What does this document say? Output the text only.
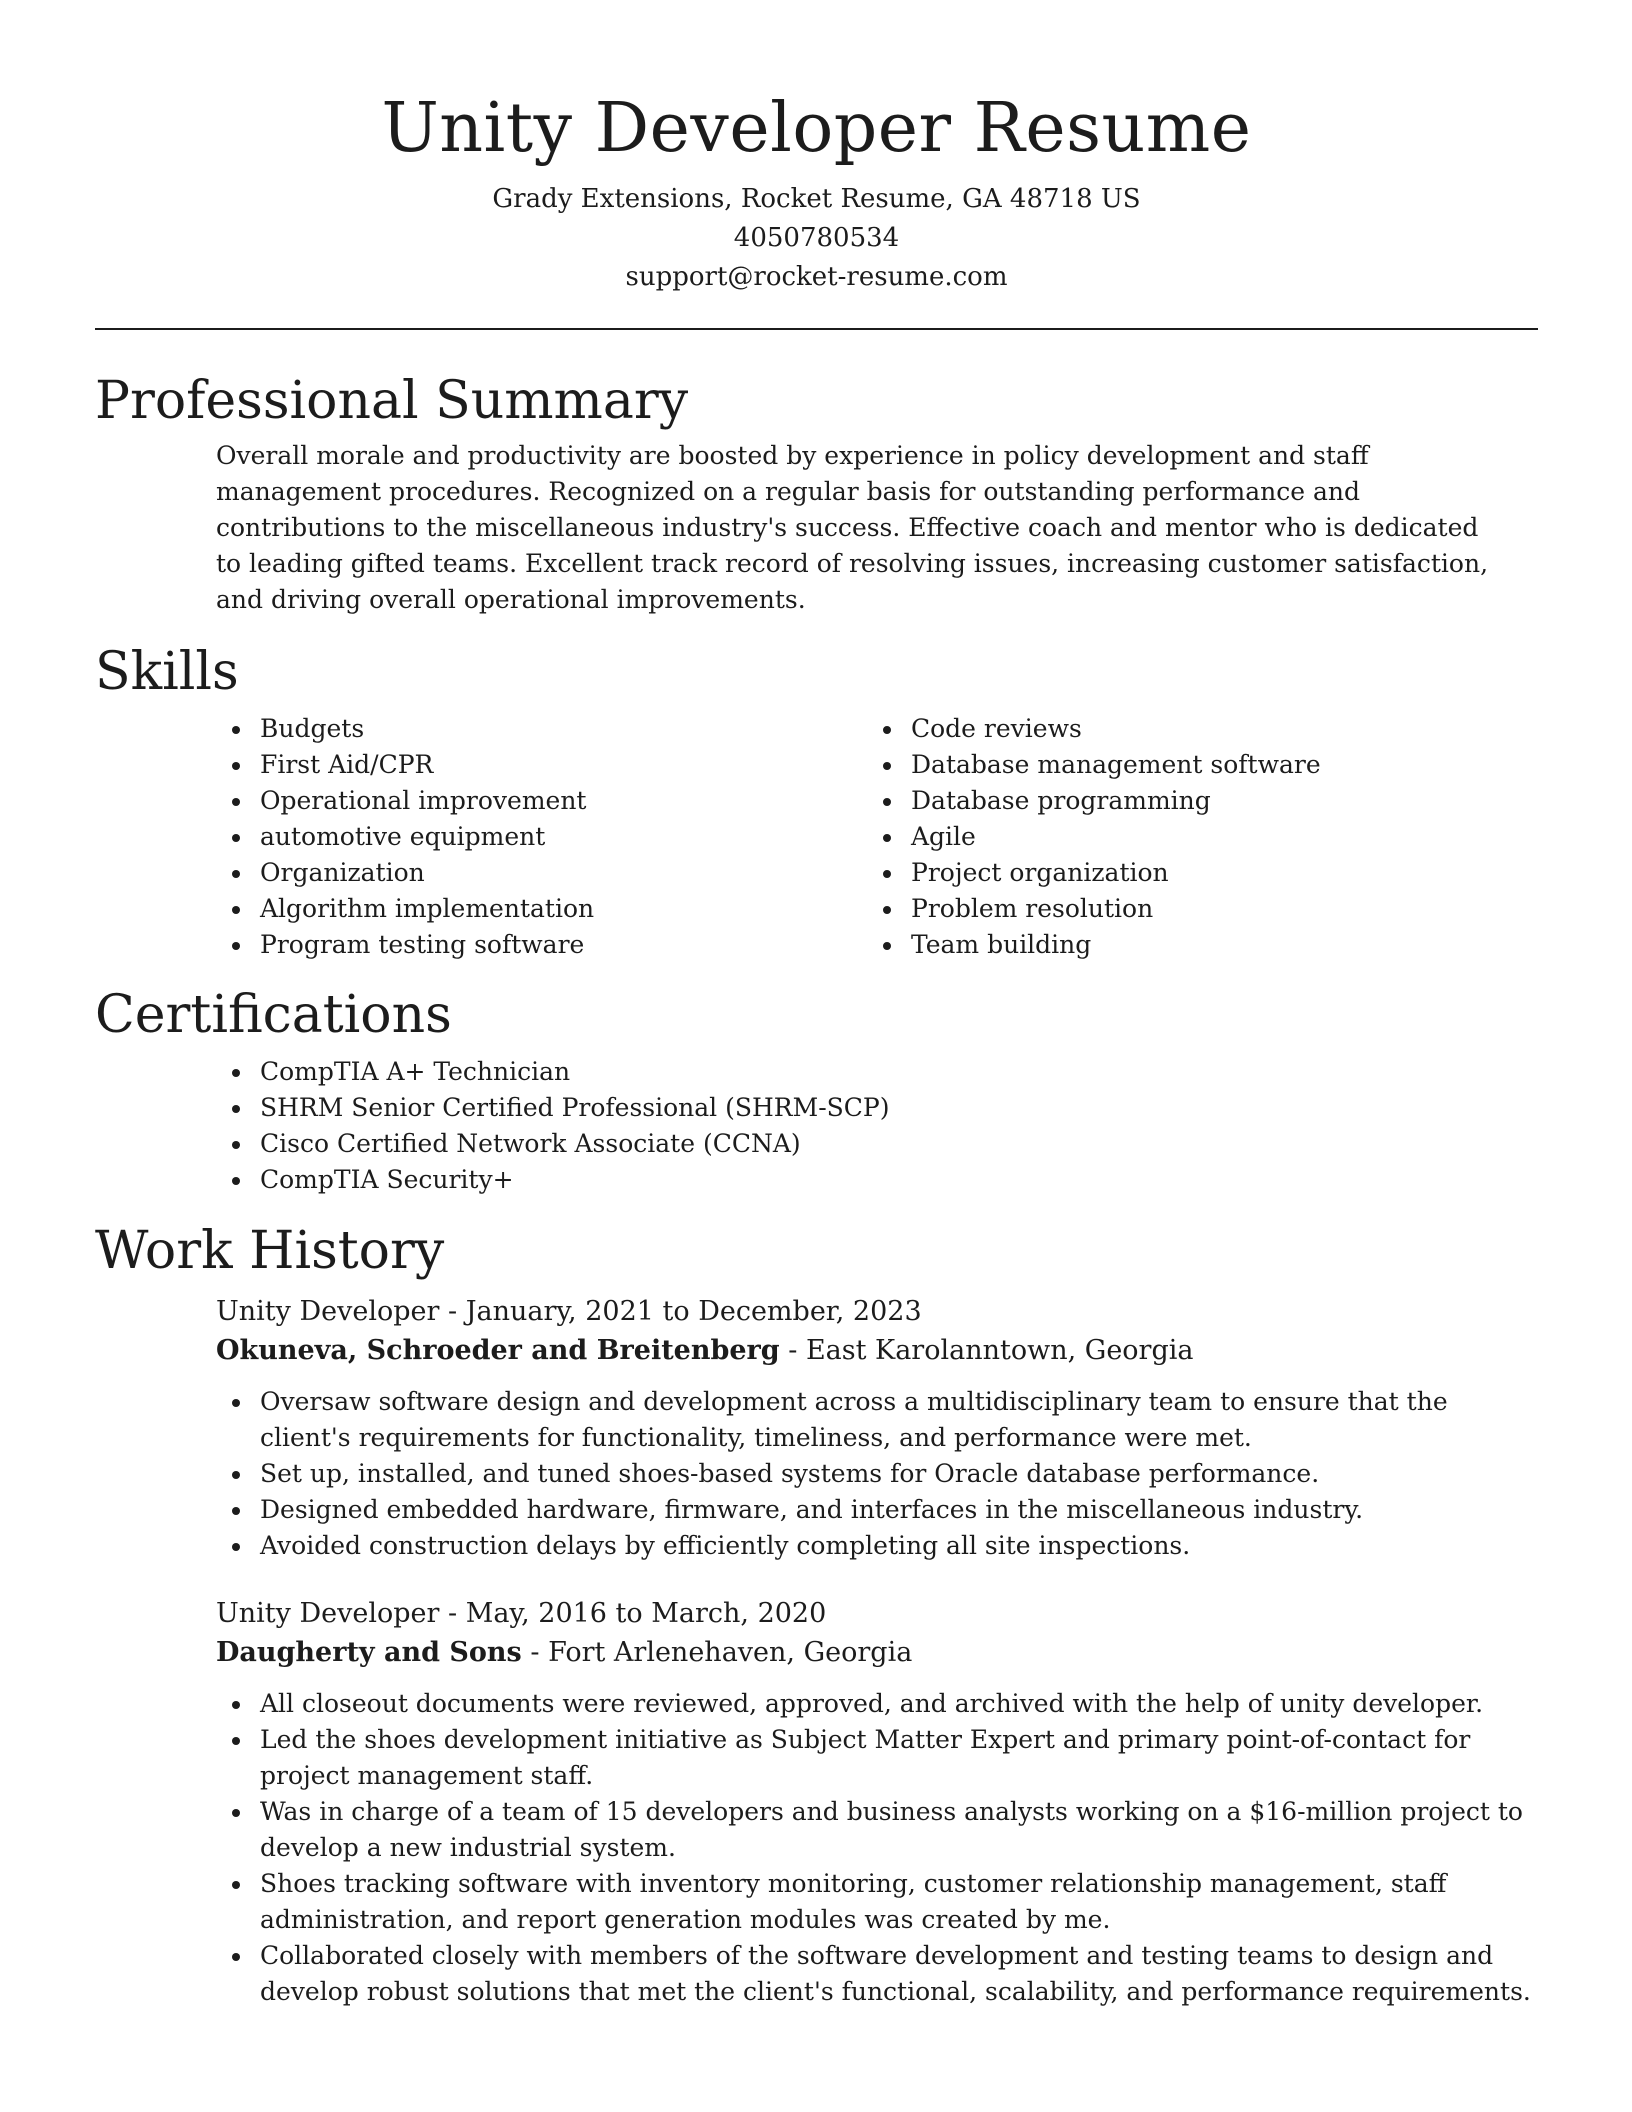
Unity Developer Resume
Grady Extensions, Rocket Resume, GA 48718 US
4050780534
support@rocket-resume.com
Professional Summary
Overall morale and productivity are boosted by experience in policy development and staff management procedures. Recognized on a regular basis for outstanding performance and contributions to the miscellaneous industry's success. Effective coach and mentor who is dedicated to leading gifted teams. Excellent track record of resolving issues, increasing customer satisfaction, and driving overall operational improvements.
Skills
Budgets
First Aid/CPR
Operational improvement
automotive equipment
Organization
Algorithm implementation
Program testing software
Code reviews
Database management software
Database programming
Agile
Project organization
Problem resolution
Team building
Certifications
CompTIA A+ Technician
SHRM Senior Certified Professional (SHRM-SCP)
Cisco Certified Network Associate (CCNA)
CompTIA Security+
Work History
Unity Developer - January, 2021 to December, 2023
Okuneva, Schroeder and Breitenberg - East Karolanntown, Georgia
Oversaw software design and development across a multidisciplinary team to ensure that the client's requirements for functionality, timeliness, and performance were met.
Set up, installed, and tuned shoes-based systems for Oracle database performance.
Designed embedded hardware, firmware, and interfaces in the miscellaneous industry.
Avoided construction delays by efficiently completing all site inspections.
Unity Developer - May, 2016 to March, 2020
Daugherty and Sons - Fort Arlenehaven, Georgia
All closeout documents were reviewed, approved, and archived with the help of unity developer.
Led the shoes development initiative as Subject Matter Expert and primary point-of-contact for project management staff.
Was in charge of a team of 15 developers and business analysts working on a $16-million project to develop a new industrial system.
Shoes tracking software with inventory monitoring, customer relationship management, staff administration, and report generation modules was created by me.
Collaborated closely with members of the software development and testing teams to design and develop robust solutions that met the client's functional, scalability, and performance requirements.
